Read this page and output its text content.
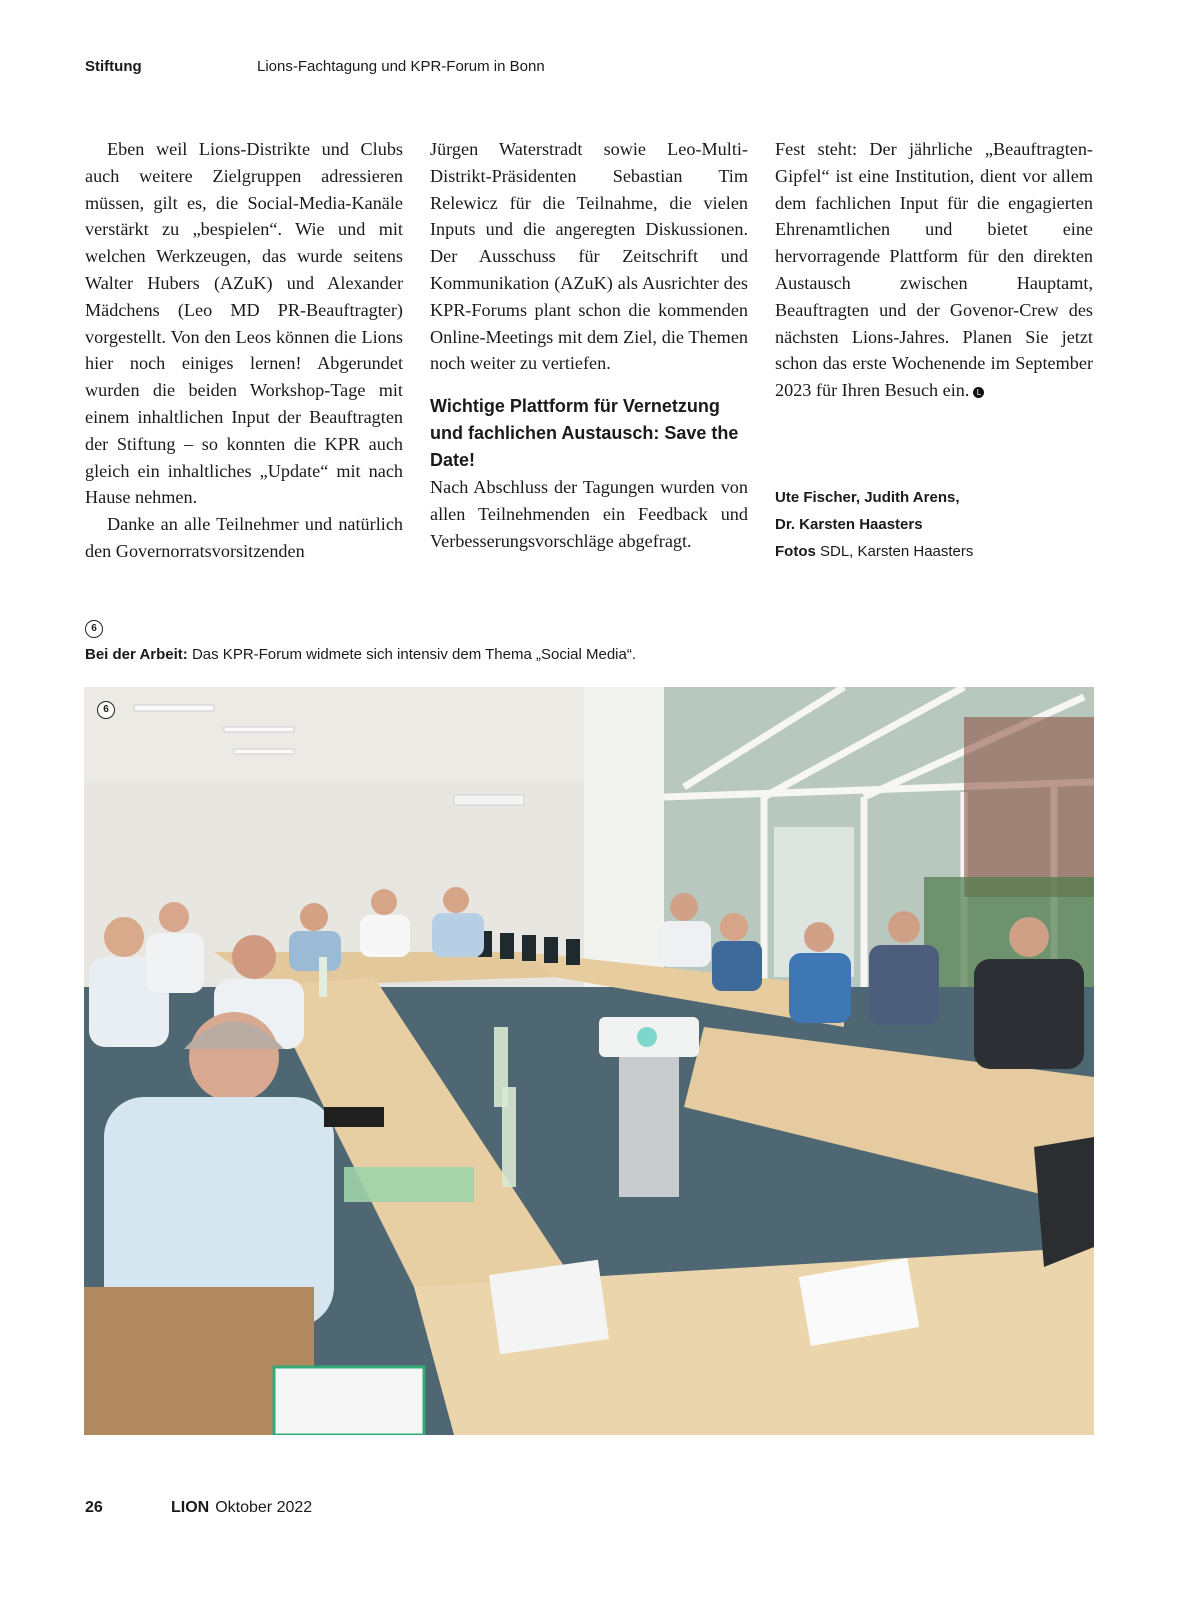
Stiftung	Lions-Fachtagung und KPR-Forum in Bonn

Eben weil Lions-Distrikte und Clubs auch weitere Zielgruppen adressieren müssen, gilt es, die Social-Media-Kanäle verstärkt zu „bespielen“. Wie und mit welchen Werkzeugen, das wurde seitens Walter Hubers (AZuK) und Alexander Mädchens (Leo MD PR-Beauftragter) vorgestellt. Von den Leos können die Lions hier noch einiges lernen! Abgerundet wurden die beiden Workshop-Tage mit einem inhaltlichen Input der Beauftragten der Stiftung – so konnten die KPR auch gleich ein inhaltliches „Update“ mit nach Hause nehmen.

Danke an alle Teilnehmer und natürlich den Governorratsvorsitzenden

Jürgen Waterstradt sowie Leo-Multi-Distrikt-Präsidenten Sebastian Tim Relewicz für die Teilnahme, die vielen Inputs und die angeregten Diskussionen. Der Ausschuss für Zeitschrift und Kommunikation (AZuK) als Ausrichter des KPR-Forums plant schon die kommenden Online-Meetings mit dem Ziel, die Themen noch weiter zu vertiefen.

Wichtige Plattform für Vernetzung und fachlichen Austausch: Save the Date!

Nach Abschluss der Tagungen wurden von allen Teilnehmenden ein Feedback und Verbesserungsvorschläge abgefragt.

Fest steht: Der jährliche „Beauftragten-Gipfel“ ist eine Institution, dient vor allem dem fachlichen Input für die engagierten Ehrenamtlichen und bietet eine hervorragende Plattform für den direkten Austausch zwischen Hauptamt, Beauftragten und der Govenor-Crew des nächsten Lions-Jahres. Planen Sie jetzt schon das erste Wochenende im September 2023 für Ihren Besuch ein. L

Ute Fischer, Judith Arens,
Dr. Karsten Haasters
Fotos SDL, Karsten Haasters
6
Bei der Arbeit: Das KPR-Forum widmete sich intensiv dem Thema „Social Media“.
6
26	LION Oktober 2022
